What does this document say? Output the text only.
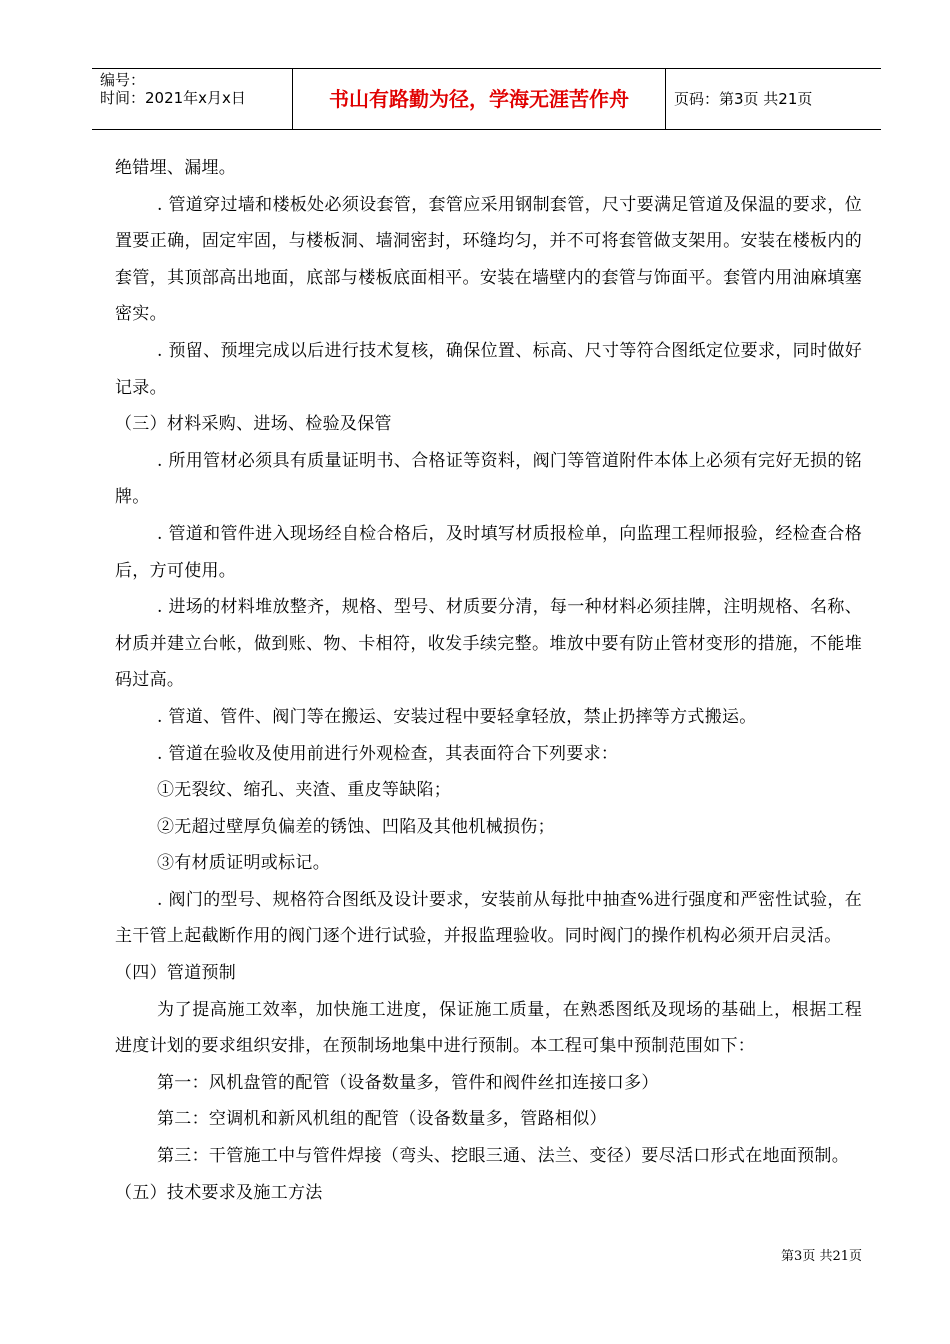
编号：
时间：2021年x月x日	书山有路勤为径，学海无涯苦作舟	页码：第3页 共21页

绝错埋、漏埋。

. 管道穿过墙和楼板处必须设套管，套管应采用钢制套管，尺寸要满足管道及保温的要求，位置要正确，固定牢固，与楼板洞、墙洞密封，环缝均匀，并不可将套管做支架用。安装在楼板内的套管，其顶部高出地面，底部与楼板底面相平。安装在墙壁内的套管与饰面平。套管内用油麻填塞密实。

. 预留、预埋完成以后进行技术复核，确保位置、标高、尺寸等符合图纸定位要求，同时做好记录。

（三）材料采购、进场、检验及保管

. 所用管材必须具有质量证明书、合格证等资料，阀门等管道附件本体上必须有完好无损的铭牌。

. 管道和管件进入现场经自检合格后，及时填写材质报检单，向监理工程师报验，经检查合格后，方可使用。

. 进场的材料堆放整齐，规格、型号、材质要分清，每一种材料必须挂牌，注明规格、名称、材质并建立台帐，做到账、物、卡相符，收发手续完整。堆放中要有防止管材变形的措施，不能堆码过高。

. 管道、管件、阀门等在搬运、安装过程中要轻拿轻放，禁止扔摔等方式搬运。

. 管道在验收及使用前进行外观检查，其表面符合下列要求：

①无裂纹、缩孔、夹渣、重皮等缺陷；

②无超过壁厚负偏差的锈蚀、凹陷及其他机械损伤；

③有材质证明或标记。

. 阀门的型号、规格符合图纸及设计要求，安装前从每批中抽查%进行强度和严密性试验，在主干管上起截断作用的阀门逐个进行试验，并报监理验收。同时阀门的操作机构必须开启灵活。

（四）管道预制

为了提高施工效率，加快施工进度，保证施工质量，在熟悉图纸及现场的基础上，根据工程进度计划的要求组织安排，在预制场地集中进行预制。本工程可集中预制范围如下：

第一：风机盘管的配管（设备数量多，管件和阀件丝扣连接口多）

第二：空调机和新风机组的配管（设备数量多，管路相似）

第三：干管施工中与管件焊接（弯头、挖眼三通、法兰、变径）要尽活口形式在地面预制。

（五）技术要求及施工方法

第3页 共21页
